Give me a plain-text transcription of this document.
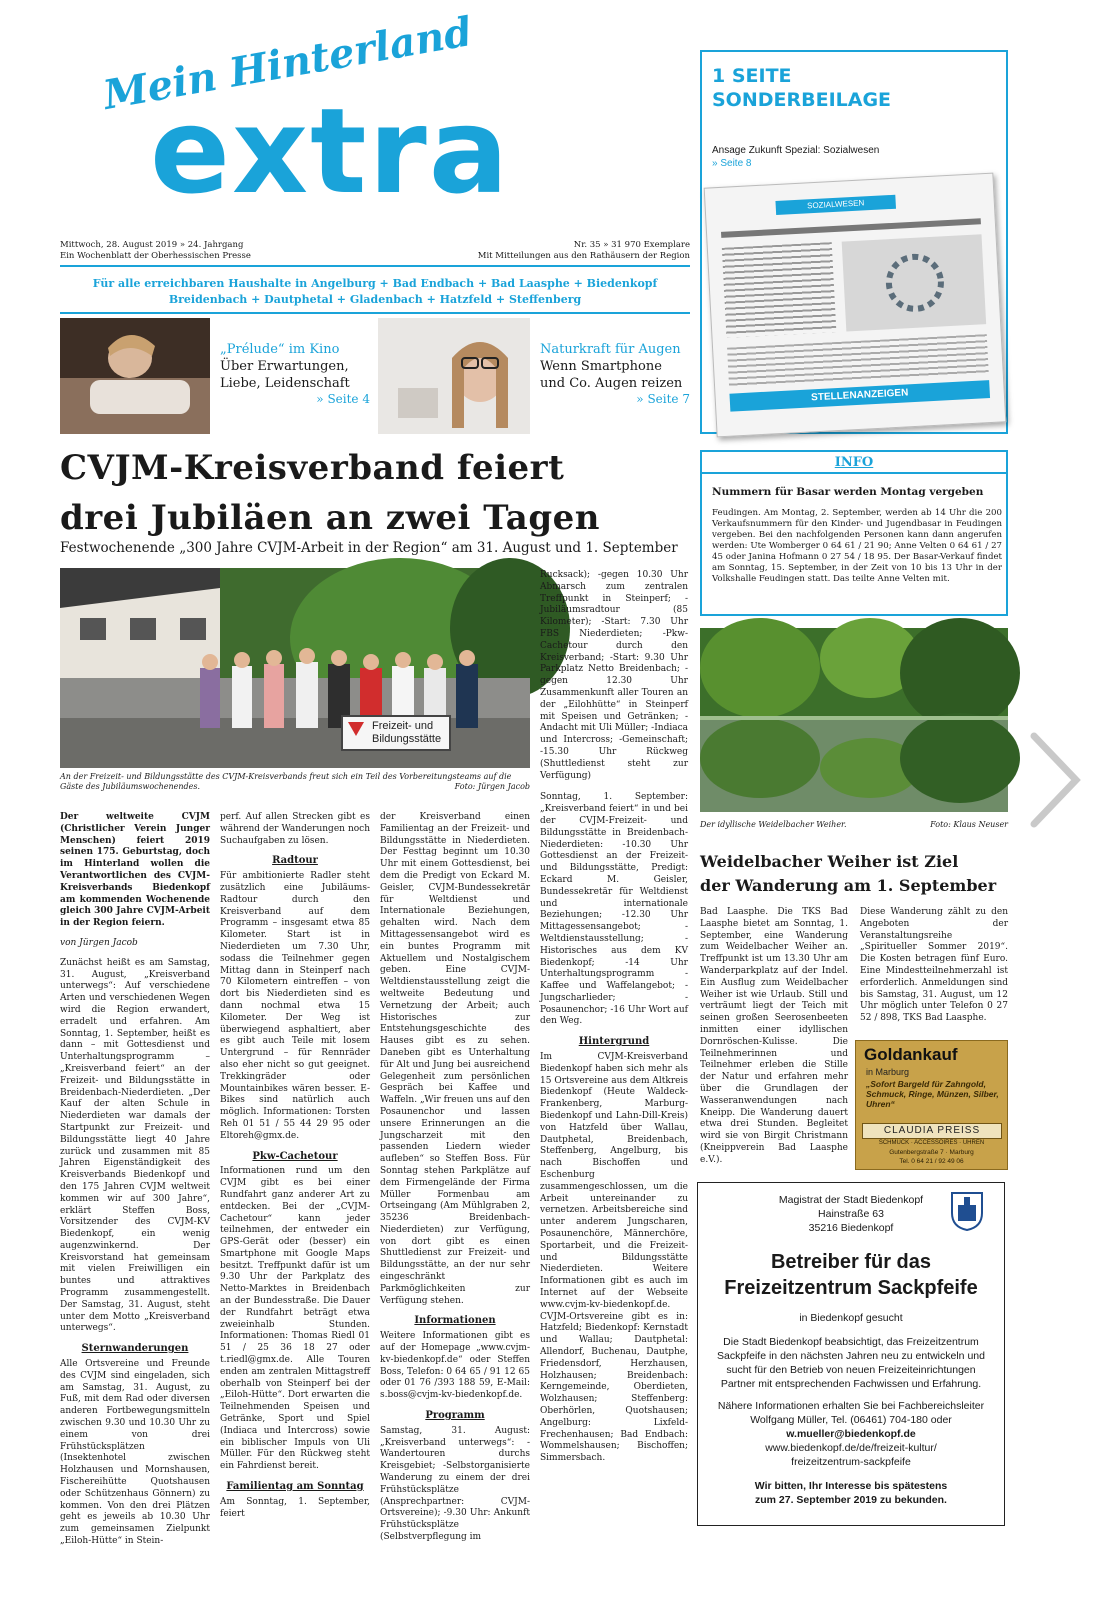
Mein Hinterland
extra
Mittwoch, 28. August 2019 » 24. Jahrgang
Ein Wochenblatt der Oberhessischen Presse
Nr. 35 » 31 970 Exemplare
Mit Mitteilungen aus den Rathäusern der Region
Für alle erreichbaren Haushalte in Angelburg + Bad Endbach + Bad Laasphe + Biedenkopf
Breidenbach + Dautphetal + Gladenbach + Hatzfeld + Steffenberg
„Prélude“ im Kino
Über Erwartungen, Liebe, Leidenschaft
» Seite 4
Naturkraft für Augen
Wenn Smartphone und Co. Augen reizen
» Seite 7
1 SEITE
SONDERBEILAGE
Ansage Zukunft Spezial: Sozialwesen
» Seite 8
SOZIALWESEN
STELLENANZEIGEN
INFO
Nummern für Basar werden Montag vergeben
Feudingen. Am Montag, 2. September, werden ab 14 Uhr die 200 Verkaufsnummern für den Kinder- und Jugendbasar in Feudingen vergeben. Bei den nachfolgenden Personen kann dann angerufen werden: Ute Womberger 0 64 61 / 21 90; Anne Velten 0 64 61 / 27 45 oder Janina Hofmann 0 27 54 / 18 95. Der Basar-Verkauf findet am Sonntag, 15. September, in der Zeit von 10 bis 13 Uhr in der Volkshalle Feudingen statt. Das teilte Anne Velten mit.
CVJM-Kreisverband feiert
drei Jubiläen an zwei Tagen
Festwochenende „300 Jahre CVJM-Arbeit in der Region“ am 31. August und 1. September
Freizeit- und Bildungsstätte
An der Freizeit- und Bildungsstätte des CVJM-Kreisverbands freut sich ein Teil des Vorbereitungsteams auf die Gäste des Jubiläumswochenendes.	Foto: Jürgen Jacob

Der weltweite CVJM (Christlicher Verein Junger Menschen) feiert 2019 seinen 175. Geburtstag, doch im Hinterland wollen die Verantwortlichen des CVJM-Kreisverbands Biedenkopf am kommenden Wochenende gleich 300 Jahre CVJM-Arbeit in der Region feiern.

von Jürgen Jacob

Zunächst heißt es am Samstag, 31. August, „Kreisverband unterwegs“: Auf verschiedene Arten und verschiedenen Wegen wird die Region erwandert, erradelt und erfahren. Am Sonntag, 1. September, heißt es dann – mit Gottesdienst und Unterhaltungsprogramm – „Kreisverband feiert“ an der Freizeit- und Bildungsstätte in Breidenbach-Niederdieten. „Der Kauf der alten Schule in Niederdieten war damals der Startpunkt zur Freizeit- und Bildungsstätte liegt 40 Jahre zurück und zusammen mit 85 Jahren Eigenständigkeit des Kreisverbands Biedenkopf und den 175 Jahren CVJM weltweit kommen wir auf 300 Jahre“, erklärt Steffen Boss, Vorsitzender des CVJM-KV Biedenkopf, ein wenig augenzwinkernd. Der Kreisvorstand hat gemeinsam mit vielen Freiwilligen ein buntes und attraktives Programm zusammengestellt. Der Samstag, 31. August, steht unter dem Motto „Kreisverband unterwegs“.

Sternwanderungen

Alle Ortsvereine und Freunde des CVJM sind eingeladen, sich am Samstag, 31. August, zu Fuß, mit dem Rad oder diversen anderen Fortbewegungsmitteln zwischen 9.30 und 10.30 Uhr zu einem von drei Frühstücksplätzen (Insektenhotel zwischen Holzhausen und Mornshausen, Fischereihütte Quotshausen oder Schützenhaus Gönnern) zu kommen. Von den drei Plätzen geht es jeweils ab 10.30 Uhr zum gemeinsamen Zielpunkt „Eiloh-Hütte“ in Stein-

perf. Auf allen Strecken gibt es während der Wanderungen noch Suchaufgaben zu lösen.

Radtour

Für ambitionierte Radler steht zusätzlich eine Jubiläums-Radtour durch den Kreisverband auf dem Programm – insgesamt etwa 85 Kilometer. Start ist in Niederdieten um 7.30 Uhr, sodass die Teilnehmer gegen Mittag dann in Steinperf nach 70 Kilometern eintreffen – von dort bis Niederdieten sind es dann nochmal etwa 15 Kilometer. Der Weg ist überwiegend asphaltiert, aber es gibt auch Teile mit losem Untergrund – für Rennräder also eher nicht so gut geeignet. Trekkingräder oder Mountainbikes wären besser. E-Bikes sind natürlich auch möglich. Informationen: Torsten Reh 01 51 / 55 44 29 95 oder Eltoreh@gmx.de.

Pkw-Cachetour

Informationen rund um den CVJM gibt es bei einer Rundfahrt ganz anderer Art zu entdecken. Bei der „CVJM-Cachetour“ kann jeder teilnehmen, der entweder ein GPS-Gerät oder (besser) ein Smartphone mit Google Maps besitzt. Treffpunkt dafür ist um 9.30 Uhr der Parkplatz des Netto-Marktes in Breidenbach an der Bundesstraße. Die Dauer der Rundfahrt beträgt etwa zweieinhalb Stunden. Informationen: Thomas Riedl 01 51 / 25 36 18 27 oder t.riedl@gmx.de. Alle Touren enden am zentralen Mittagstreff oberhalb von Steinperf bei der „Eiloh-Hütte“. Dort erwarten die Teilnehmenden Speisen und Getränke, Sport und Spiel (Indiaca und Intercross) sowie ein biblischer Impuls von Uli Müller. Für den Rückweg steht ein Fahrdienst bereit.

Familientag am Sonntag

Am Sonntag, 1. September, feiert

der Kreisverband einen Familientag an der Freizeit- und Bildungsstätte in Niederdieten. Der Festtag beginnt um 10.30 Uhr mit einem Gottesdienst, bei dem die Predigt von Eckard M. Geisler, CVJM-Bundessekretär für Weltdienst und Internationale Beziehungen, gehalten wird. Nach dem Mittagessensangebot wird es ein buntes Programm mit Aktuellem und Nostalgischem geben. Eine CVJM-Weltdienstausstellung zeigt die weltweite Bedeutung und Vernetzung der Arbeit; auch Historisches zur Entstehungsgeschichte des Hauses gibt es zu sehen. Daneben gibt es Unterhaltung für Alt und Jung bei ausreichend Gelegenheit zum persönlichen Gespräch bei Kaffee und Waffeln. „Wir freuen uns auf den Posaunenchor und lassen unsere Erinnerungen an die Jungscharzeit mit den passenden Liedern wieder aufleben“ so Steffen Boss. Für Sonntag stehen Parkplätze auf dem Firmengelände der Firma Müller Formenbau am Ortseingang (Am Mühlgraben 2, 35236 Breidenbach-Niederdieten) zur Verfügung, von dort gibt es einen Shuttledienst zur Freizeit- und Bildungsstätte, an der nur sehr eingeschränkt Parkmöglichkeiten zur Verfügung stehen.

Informationen

Weitere Informationen gibt es auf der Homepage „www.cvjm-kv-biedenkopf.de“ oder Steffen Boss, Telefon: 0 64 65 / 91 12 65 oder 01 76 /393 188 59, E-Mail: s.boss@cvjm-kv-biedenkopf.de.

Programm

Samstag, 31. August: „Kreisverband unterwegs“: -Wandertouren durchs Kreisgebiet; -Selbstorganisierte Wanderung zu einem der drei Frühstücksplätze (Ansprechpartner: CVJM-Ortsvereine); -9.30 Uhr: Ankunft Frühstücksplätze (Selbstverpflegung im

Rucksack); -gegen 10.30 Uhr Abmarsch zum zentralen Treffpunkt in Steinperf; -Jubiläumsradtour (85 Kilometer); -Start: 7.30 Uhr FBS Niederdieten; -Pkw-Cachetour durch den Kreisverband; -Start: 9.30 Uhr Parkplatz Netto Breidenbach; -gegen 12.30 Uhr Zusammenkunft aller Touren an der „Eilohhütte“ in Steinperf mit Speisen und Getränken; -Andacht mit Uli Müller; -Indiaca und Intercross; -Gemeinschaft; -15.30 Uhr Rückweg (Shuttledienst steht zur Verfügung)

Sonntag, 1. September: „Kreisverband feiert“ in und bei der CVJM-Freizeit- und Bildungsstätte in Breidenbach-Niederdieten: -10.30 Uhr Gottesdienst an der Freizeit- und Bildungsstätte, Predigt: Eckard M. Geisler, Bundessekretär für Weltdienst und internationale Beziehungen; -12.30 Uhr Mittagessensangebot; -Weltdienstausstellung; -Historisches aus dem KV Biedenkopf; -14 Uhr Unterhaltungsprogramm -Kaffee und Waffelangebot; -Jungscharlieder; -Posaunenchor; -16 Uhr Wort auf den Weg.

Hintergrund

Im CVJM-Kreisverband Biedenkopf haben sich mehr als 15 Ortsvereine aus dem Altkreis Biedenkopf (Heute Waldeck-Frankenberg, Marburg-Biedenkopf und Lahn-Dill-Kreis) von Hatzfeld über Wallau, Dautphetal, Breidenbach, Steffenberg, Angelburg, bis nach Bischoffen und Eschenburg zusammengeschlossen, um die Arbeit untereinander zu vernetzen. Arbeitsbereiche sind unter anderem Jungscharen, Posaunenchöre, Männerchöre, Sportarbeit, und die Freizeit- und Bildungsstätte Niederdieten. Weitere Informationen gibt es auch im Internet auf der Webseite www.cvjm-kv-biedenkopf.de. CVJM-Ortsvereine gibt es in: Hatzfeld; Biedenkopf: Kernstadt und Wallau; Dautphetal: Allendorf, Buchenau, Dautphe, Friedensdorf, Herzhausen, Holzhausen; Breidenbach: Kerngemeinde, Oberdieten, Wolzhausen; Steffenberg: Oberhörlen, Quotshausen; Angelburg: Lixfeld-Frechenhausen; Bad Endbach: Wommelshausen; Bischoffen; Simmersbach.

Der idyllische Weidelbacher Weiher.	Foto: Klaus Neuser
Weidelbacher Weiher ist Ziel
der Wanderung am 1. September
Bad Laasphe. Die TKS Bad Laasphe bietet am Sonntag, 1. September, eine Wanderung zum Weidelbacher Weiher an. Treffpunkt ist um 13.30 Uhr am Wanderparkplatz auf der Indel. Ein Ausflug zum Weidelbacher Weiher ist wie Urlaub. Still und verträumt liegt der Teich mit seinen großen Seerosenbeeten inmitten einer idyllischen Dornröschen-Kulisse. Die Teilnehmerinnen und Teilnehmer erleben die Stille der Natur und erfahren mehr über die Grundlagen der Wasseranwendungen nach Kneipp. Die Wanderung dauert etwa drei Stunden. Begleitet wird sie von Birgit Christmann (Kneippverein Bad Laasphe e.V.).
Diese Wanderung zählt zu den Angeboten der Veranstaltungsreihe „Spiritueller Sommer 2019“. Die Kosten betragen fünf Euro. Eine Mindestteilnehmerzahl ist erforderlich. Anmeldungen sind bis Samstag, 31. August, um 12 Uhr möglich unter Telefon 0 27 52 / 898, TKS Bad Laasphe.
Goldankauf
in Marburg
„Sofort Bargeld für Zahngold, Schmuck, Ringe, Münzen, Silber, Uhren“
CLAUDIA PREISS
SCHMUCK · ACCESSOIRES · UHREN
Gutenbergstraße 7 · Marburg
Tel. 0 64 21 / 92 49 06
Magistrat der Stadt Biedenkopf
Hainstraße 63
35216 Biedenkopf
Betreiber für das
Freizeitzentrum Sackpfeife
in Biedenkopf gesucht
Die Stadt Biedenkopf beabsichtigt, das Freizeitzentrum Sackpfeife in den nächsten Jahren neu zu entwickeln und sucht für den Betrieb von neuen Freizeiteinrichtungen Partner mit entsprechenden Fachwissen und Erfahrung.
Nähere Informationen erhalten Sie bei Fachbereichsleiter
Wolfgang Müller, Tel. (06461) 704-180 oder
w.mueller@biedenkopf.de
www.biedenkopf.de/de/freizeit-kultur/
freizeitzentrum-sackpfeife
Wir bitten, Ihr Interesse bis spätestens
zum 27. September 2019 zu bekunden.
